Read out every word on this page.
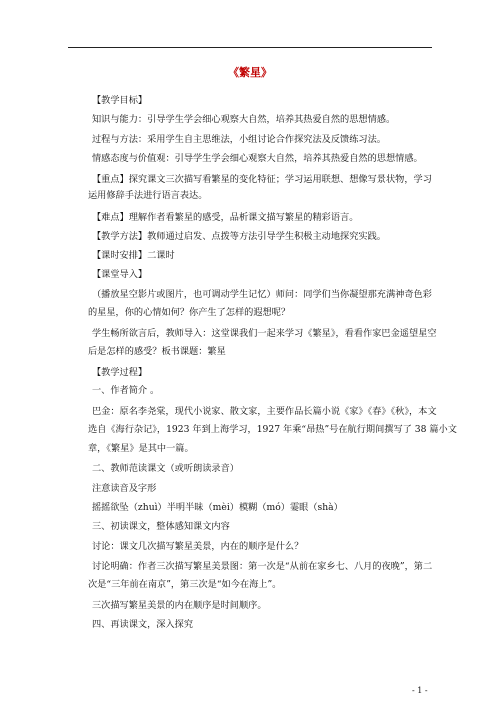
《繁星》
【教学目标】
知识与能力：引导学生学会细心观察大自然，培养其热爱自然的思想情感。
过程与方法：采用学生自主思维法，小组讨论合作探究法及反馈练习法。
情感态度与价值观：引导学生学会细心观察大自然，培养其热爱自然的思想情感。
【重点】探究课文三次描写看繁星的变化特征；学习运用联想、想像写景状物，学习
运用修辞手法进行语言表达。
【难点】理解作者看繁星的感受，品析课文描写繁星的精彩语言。
【教学方法】教师通过启发、点拨等方法引导学生积极主动地探究实践。
【课时安排】二课时
【课堂导入】
（播放星空影片或图片，也可调动学生记忆）师问：同学们当你凝望那充满神奇色彩
的星星，你的心情如何？你产生了怎样的遐想呢？
学生畅所欲言后，教师导入：这堂课我们一起来学习《繁星》，看看作家巴金遥望星空
后是怎样的感受？板书课题：繁星
【教学过程】
一、作者简介 。
巴金：原名李尧棠，现代小说家、散文家，主要作品长篇小说《家》《春》《秋》，本文
选自《海行杂记》，1923 年到上海学习，1927 年乘“昂热”号在航行期间撰写了 38 篇小文
章，《繁星》是其中一篇。
二、教师范读课文（或听朗读录音）
注意读音及字形
摇摇欲坠（zhuì）半明半昧（mèi）模糊（mó）霎眼（shà）
三、初读课文，整体感知课文内容
讨论：课文几次描写繁星美景，内在的顺序是什么？
讨论明确：作者三次描写繁星美景图：第一次是“从前在家乡七、八月的夜晚”，第二
次是“三年前在南京”，第三次是“如今在海上”。
三次描写繁星美景的内在顺序是时间顺序。
四、再读课文，深入探究
- 1 -
